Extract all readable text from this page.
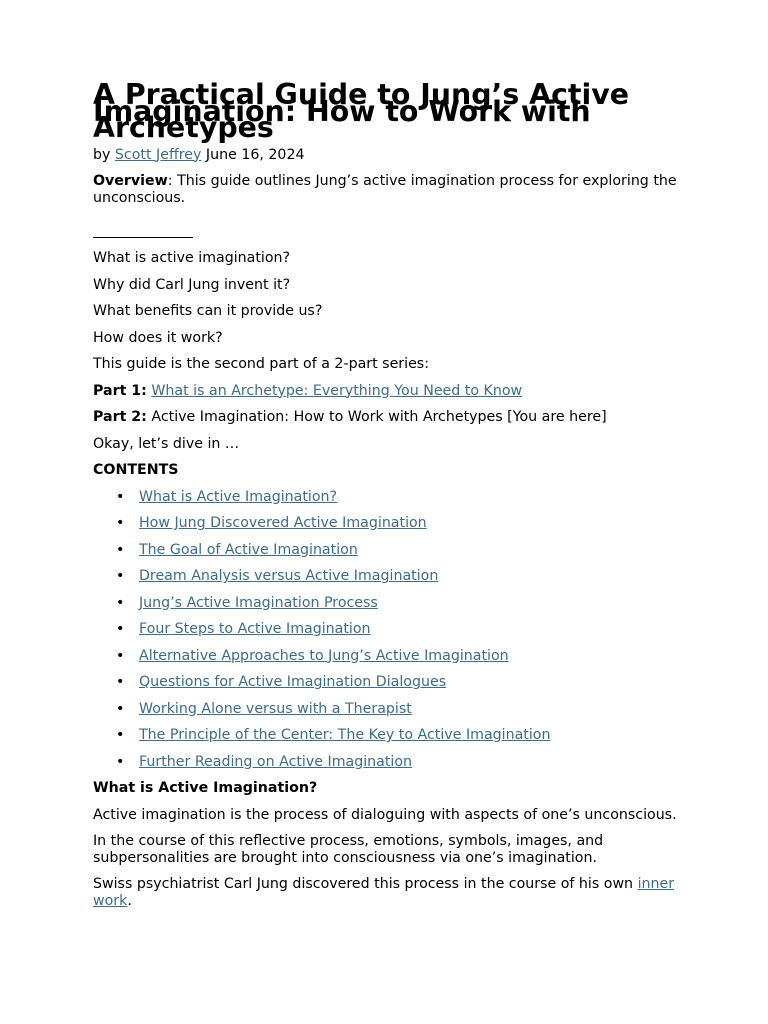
A Practical Guide to Jung’s Active Imagination: How to Work with Archetypes

by Scott Jeffrey June 16, 2024

Overview: This guide outlines Jung’s active imagination process for exploring the unconscious.

What is active imagination?

Why did Carl Jung invent it?

What benefits can it provide us?

How does it work?

This guide is the second part of a 2-part series:

Part 1: What is an Archetype: Everything You Need to Know

Part 2: Active Imagination: How to Work with Archetypes [You are here]

Okay, let’s dive in …

CONTENTS

• What is Active Imagination?
• How Jung Discovered Active Imagination
• The Goal of Active Imagination
• Dream Analysis versus Active Imagination
• Jung’s Active Imagination Process
• Four Steps to Active Imagination
• Alternative Approaches to Jung’s Active Imagination
• Questions for Active Imagination Dialogues
• Working Alone versus with a Therapist
• The Principle of the Center: The Key to Active Imagination
• Further Reading on Active Imagination

What is Active Imagination?

Active imagination is the process of dialoguing with aspects of one’s unconscious.

In the course of this reflective process, emotions, symbols, images, and subpersonalities are brought into consciousness via one’s imagination.

Swiss psychiatrist Carl Jung discovered this process in the course of his own inner work.
